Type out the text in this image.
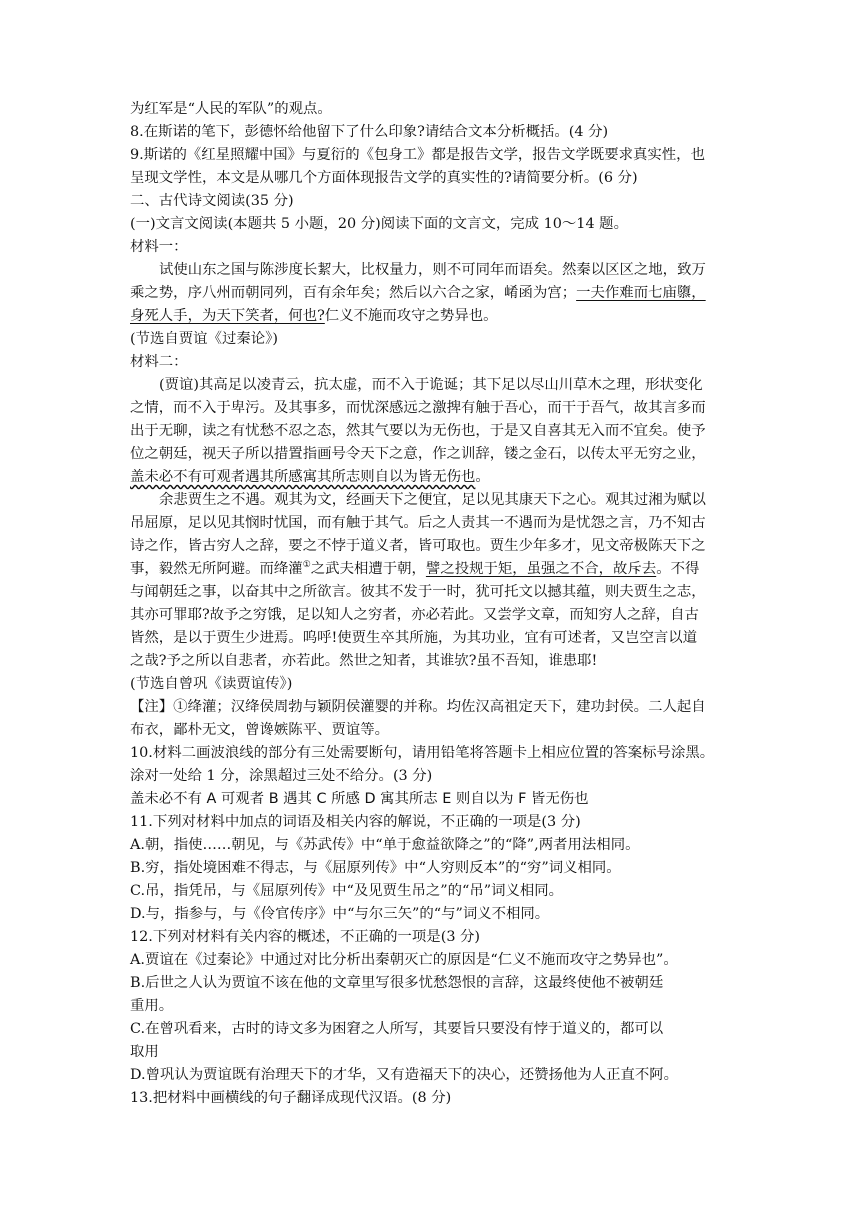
为红军是“人民的军队”的观点。

8.在斯诺的笔下，彭德怀给他留下了什么印象?请结合文本分析概括。(4 分)

9.斯诺的《红星照耀中国》与夏衍的《包身工》都是报告文学，报告文学既要求真实性，也

呈现文学性，本文是从哪几个方面体现报告文学的真实性的?请简要分析。(6 分)

二、古代诗文阅读(35 分)

(一)文言文阅读(本题共 5 小题，20 分)阅读下面的文言文，完成 10～14 题。

材料一：

试使山东之国与陈涉度长絜大，比权量力，则不可同年而语矣。然秦以区区之地，致万

乘之势，序八州而朝同列，百有余年矣；然后以六合之家，崤函为宫；一夫作难而七庙隳，

身死人手，为天下笑者，何也?仁义不施而攻守之势异也。

(节选自贾谊《过秦论》)

材料二：

(贾谊)其高足以凌青云，抗太虚，而不入于诡诞；其下足以尽山川草木之理，形状变化

之情，而不入于卑污。及其事多，而忧深感远之激捭有触于吾心，而干于吾气，故其言多而

出于无聊，读之有忧愁不忍之态，然其气要以为无伤也，于是又自喜其无入而不宜矣。使予

位之朝廷，视天子所以措置指画号令天下之意，作之训辞，镂之金石，以传太平无穷之业，

盖未必不有可观者遇其所感寓其所志则自以为皆无伤也。

余悲贾生之不遇。观其为文，经画天下之便宜，足以见其康天下之心。观其过湘为赋以

吊屈原，足以见其悯时忧国，而有触于其气。后之人责其一不遇而为是忧怨之言，乃不知古

诗之作，皆古穷人之辞，要之不悖于道义者，皆可取也。贾生少年多才，见文帝极陈天下之

事，毅然无所阿避。而绛灌①之武夫相遭于朝，譬之投规于矩，虽强之不合，故斥去。不得

与闻朝廷之事，以奋其中之所欲言。彼其不发于一时，犹可托文以撼其蕴，则夫贾生之志，

其亦可罪耶?故予之穷饿，足以知人之穷者，亦必若此。又尝学文章，而知穷人之辞，自古

皆然，是以于贾生少进焉。呜呼!使贾生卒其所施，为其功业，宜有可述者，又岂空言以道

之哉?予之所以自悲者，亦若此。然世之知者，其谁欤?虽不吾知，谁患耶!

(节选自曾巩《读贾谊传》)

【注】①绛灌；汉绛侯周勃与颖阴侯灌婴的并称。均佐汉高祖定天下，建功封侯。二人起自

布衣，鄙朴无文，曾谗嫉陈平、贾谊等。

10.材料二画波浪线的部分有三处需要断句，请用铅笔将答题卡上相应位置的答案标号涂黑。

涂对一处给 1 分，涂黑超过三处不给分。(3 分)

盖未必不有 A 可观者 B 遇其 C 所感 D 寓其所志 E 则自以为 F 皆无伤也

11.下列对材料中加点的词语及相关内容的解说，不正确的一项是(3 分)

A.朝，指使……朝见，与《苏武传》中“单于愈益欲降之”的“降”,两者用法相同。

B.穷，指处境困难不得志，与《屈原列传》中“人穷则反本”的“穷”词义相同。

C.吊，指凭吊，与《屈原列传》中“及见贾生吊之”的“吊”词义相同。

D.与，指参与，与《伶官传序》中“与尔三矢”的“与”词义不相同。

12.下列对材料有关内容的概述，不正确的一项是(3 分)

A.贾谊在《过秦论》中通过对比分析出秦朝灭亡的原因是“仁义不施而攻守之势异也”。

B.后世之人认为贾谊不该在他的文章里写很多忧愁怨恨的言辞，这最终使他不被朝廷

重用。

C.在曾巩看来，古时的诗文多为困窘之人所写，其要旨只要没有悖于道义的，都可以

取用

D.曾巩认为贾谊既有治理天下的才华，又有造福天下的决心，还赞扬他为人正直不阿。

13.把材料中画横线的句子翻译成现代汉语。(8 分)
